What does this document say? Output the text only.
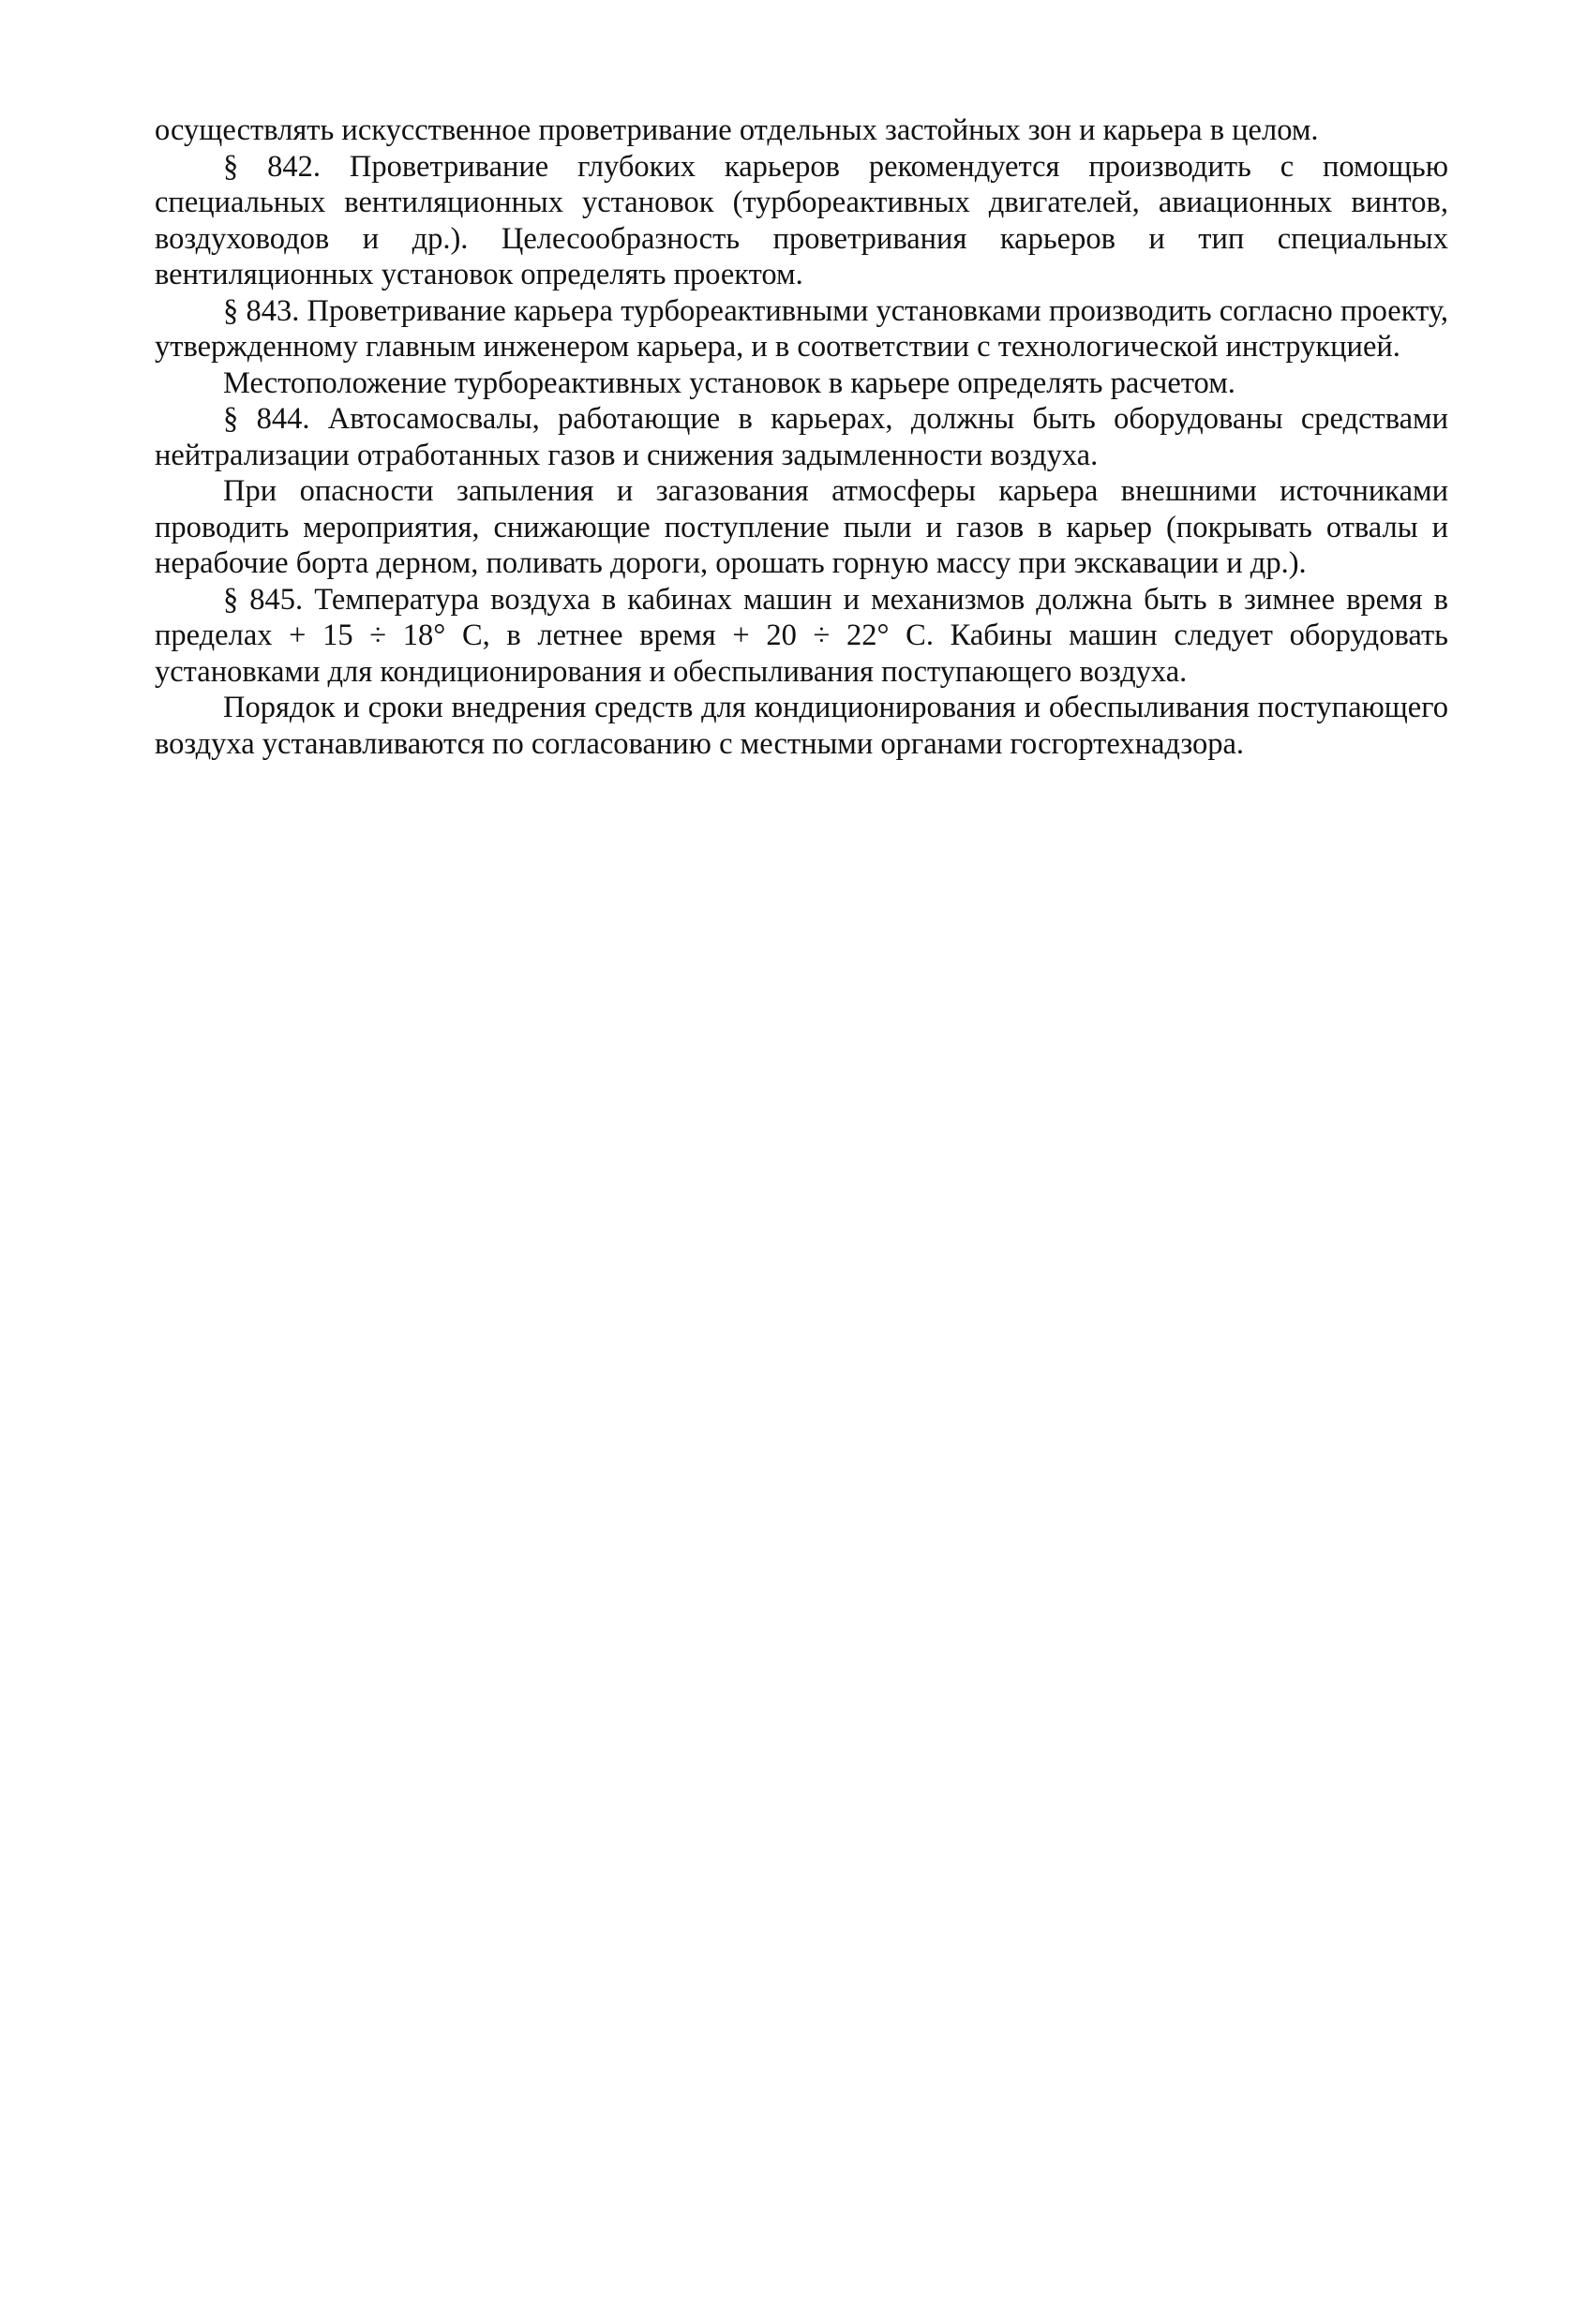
осуществлять искусственное проветривание отдельных застойных зон и карьера в целом.

§ 842. Проветривание глубоких карьеров рекомендуется производить с помощью специальных вентиляционных установок (турбореактивных двигателей, авиационных винтов, воздуховодов и др.). Целесообразность проветривания карьеров и тип специальных вентиляционных установок определять проектом.

§ 843. Проветривание карьера турбореактивными установками производить согласно проекту, утвержденному главным инженером карьера, и в соответствии с технологической инструкцией.

Местоположение турбореактивных установок в карьере определять расчетом.

§ 844. Автосамосвалы, работающие в карьерах, должны быть оборудованы средствами нейтрализации отработанных газов и снижения задымленности воздуха.

При опасности запыления и загазования атмосферы карьера внешними источниками проводить мероприятия, снижающие поступление пыли и газов в карьер (покрывать отвалы и нерабочие борта дерном, поливать дороги, орошать горную массу при экскавации и др.).

§ 845. Температура воздуха в кабинах машин и механизмов должна быть в зимнее время в пределах + 15 ÷ 18° С, в летнее время + 20 ÷ 22° С. Кабины машин следует оборудовать установками для кондиционирования и обеспыливания поступающего воздуха.

Порядок и сроки внедрения средств для кондиционирования и обеспыливания поступающего воздуха устанавливаются по согласованию с местными органами госгортехнадзора.
